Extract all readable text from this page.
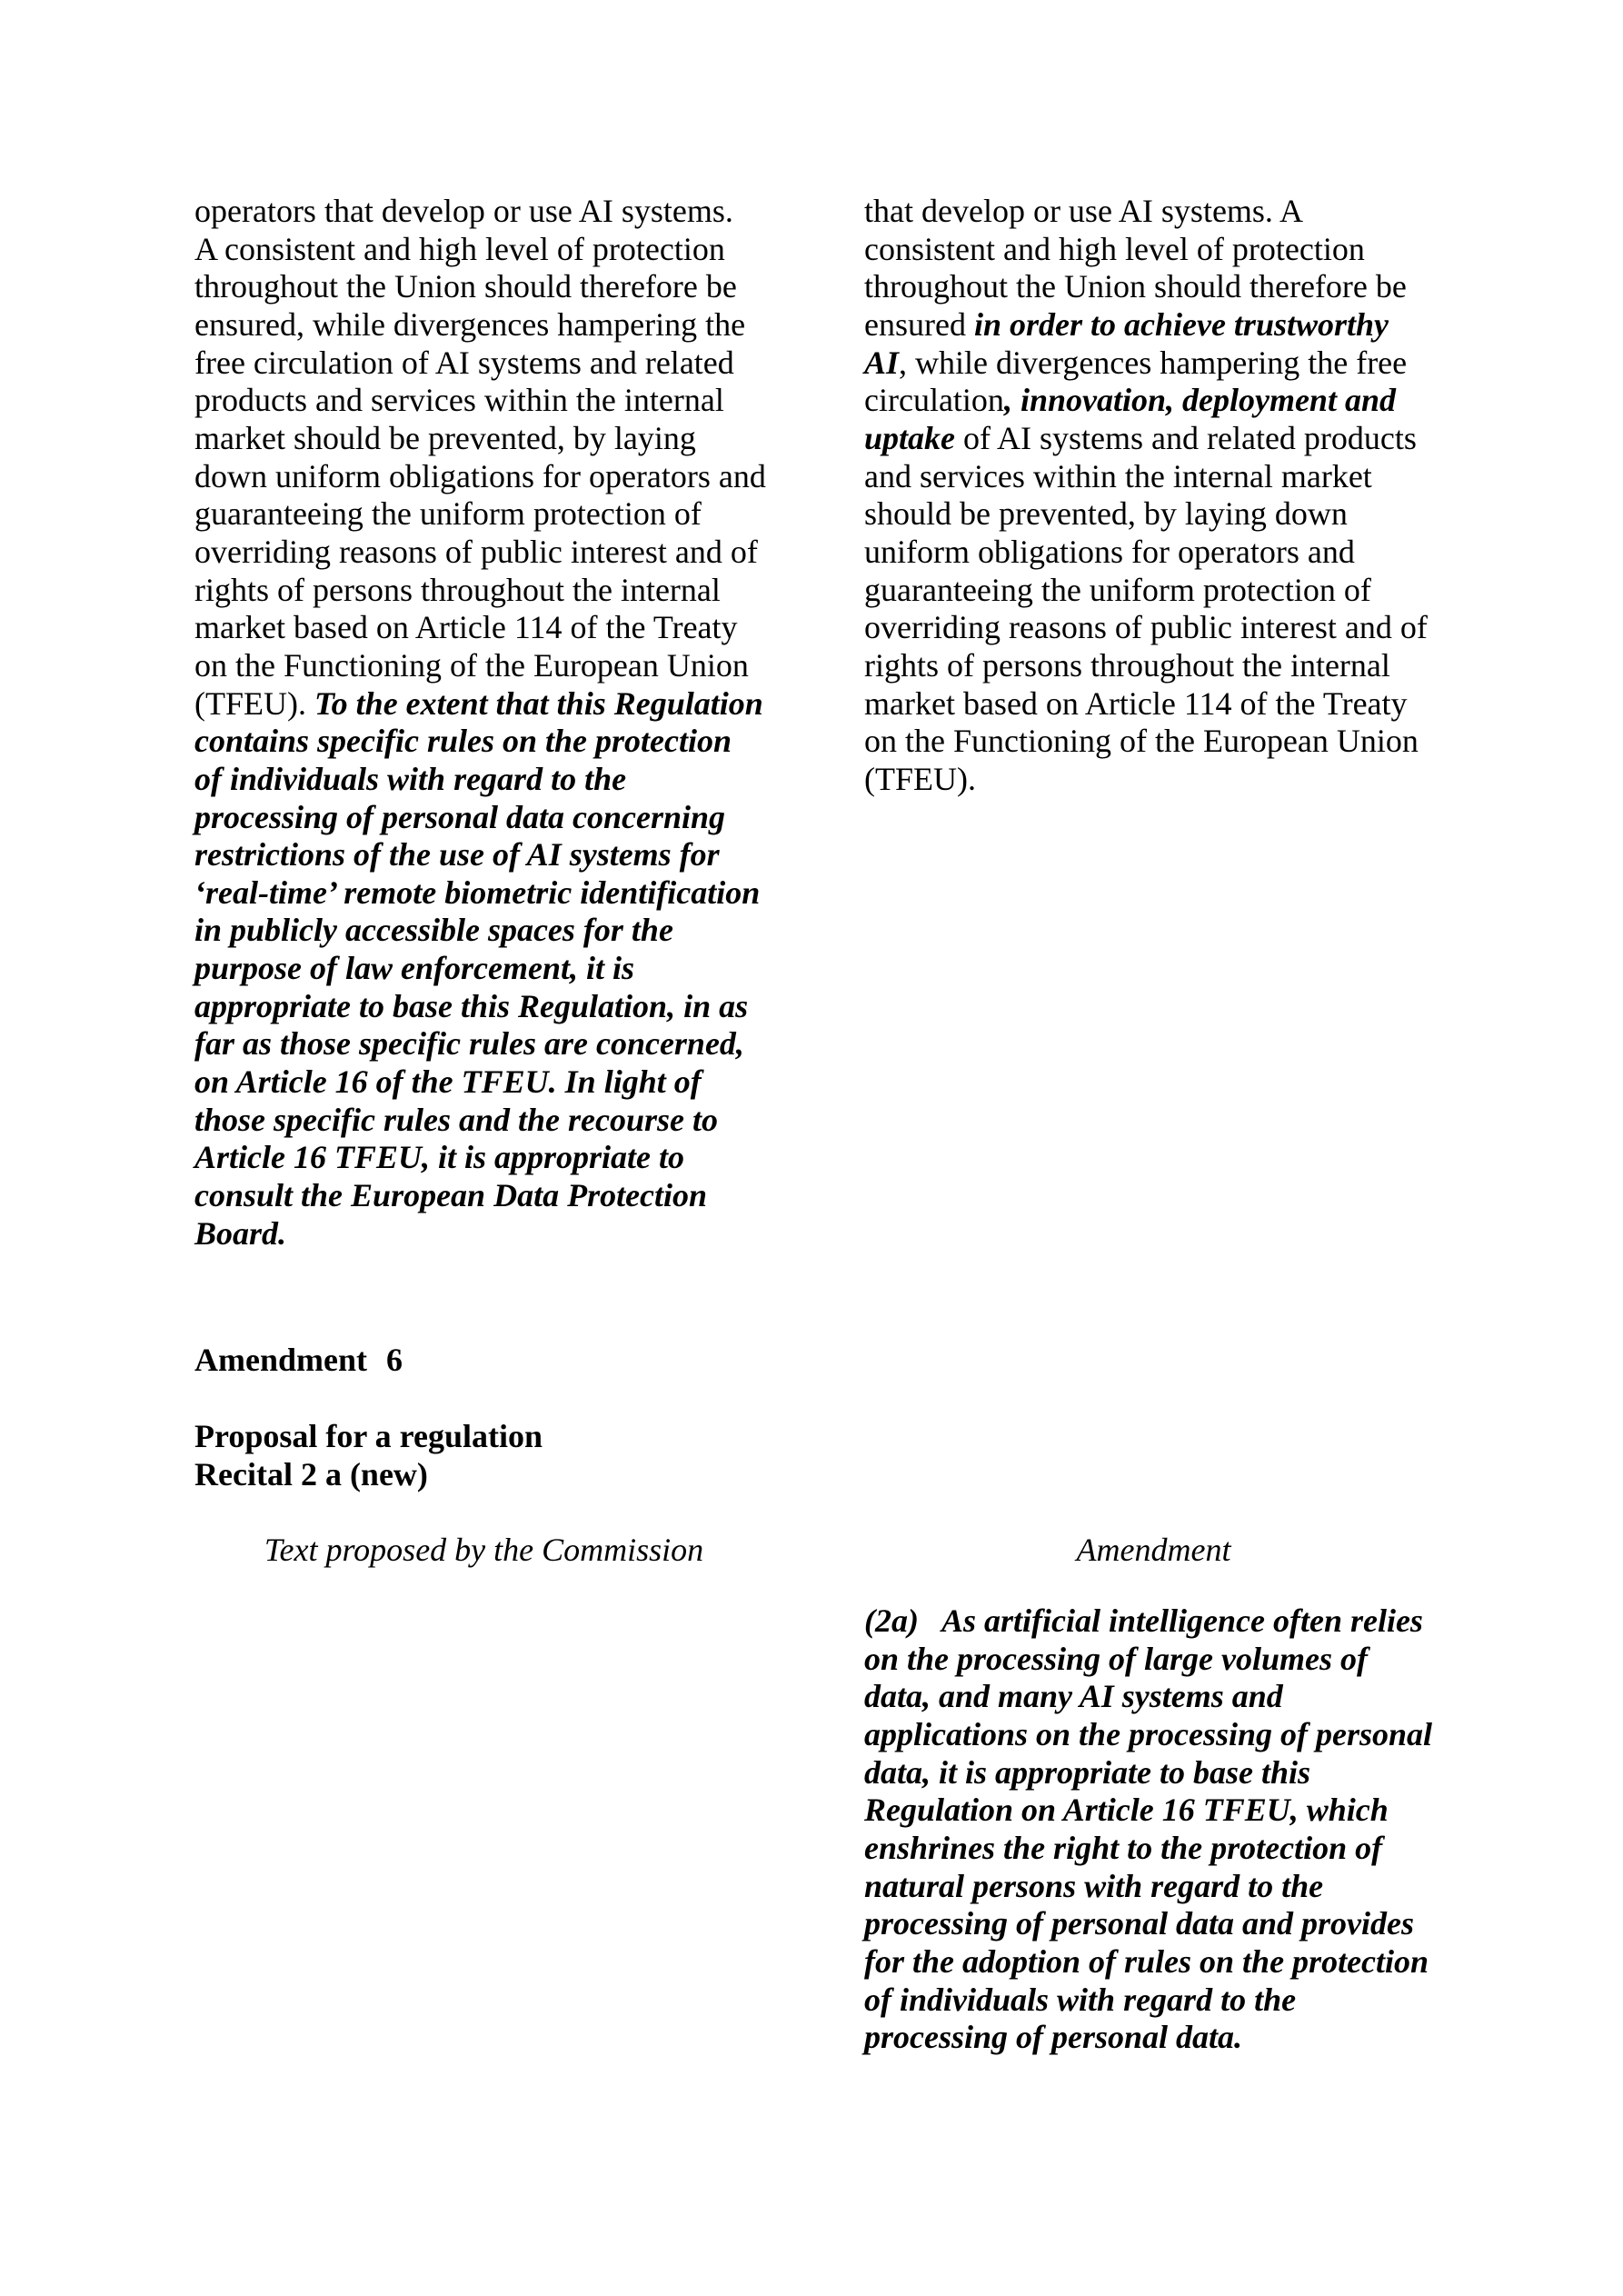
operators that develop or use AI systems.
A consistent and high level of protection
throughout the Union should therefore be
ensured, while divergences hampering the
free circulation of AI systems and related
products and services within the internal
market should be prevented, by laying
down uniform obligations for operators and
guaranteeing the uniform protection of
overriding reasons of public interest and of
rights of persons throughout the internal
market based on Article 114 of the Treaty
on the Functioning of the European Union
(TFEU). To the extent that this Regulation
contains specific rules on the protection
of individuals with regard to the
processing of personal data concerning
restrictions of the use of AI systems for
‘real-time’ remote biometric identification
in publicly accessible spaces for the
purpose of law enforcement, it is
appropriate to base this Regulation, in as
far as those specific rules are concerned,
on Article 16 of the TFEU. In light of
those specific rules and the recourse to
Article 16 TFEU, it is appropriate to
consult the European Data Protection
Board.
that develop or use AI systems. A
consistent and high level of protection
throughout the Union should therefore be
ensured in order to achieve trustworthy
AI, while divergences hampering the free
circulation, innovation, deployment and
uptake of AI systems and related products
and services within the internal market
should be prevented, by laying down
uniform obligations for operators and
guaranteeing the uniform protection of
overriding reasons of public interest and of
rights of persons throughout the internal
market based on Article 114 of the Treaty
on the Functioning of the European Union
(TFEU).
Amendment 6
Proposal for a regulation
Recital 2 a (new)
Text proposed by the Commission	Amendment
(2a) As artificial intelligence often relies
on the processing of large volumes of
data, and many AI systems and
applications on the processing of personal
data, it is appropriate to base this
Regulation on Article 16 TFEU, which
enshrines the right to the protection of
natural persons with regard to the
processing of personal data and provides
for the adoption of rules on the protection
of individuals with regard to the
processing of personal data.
